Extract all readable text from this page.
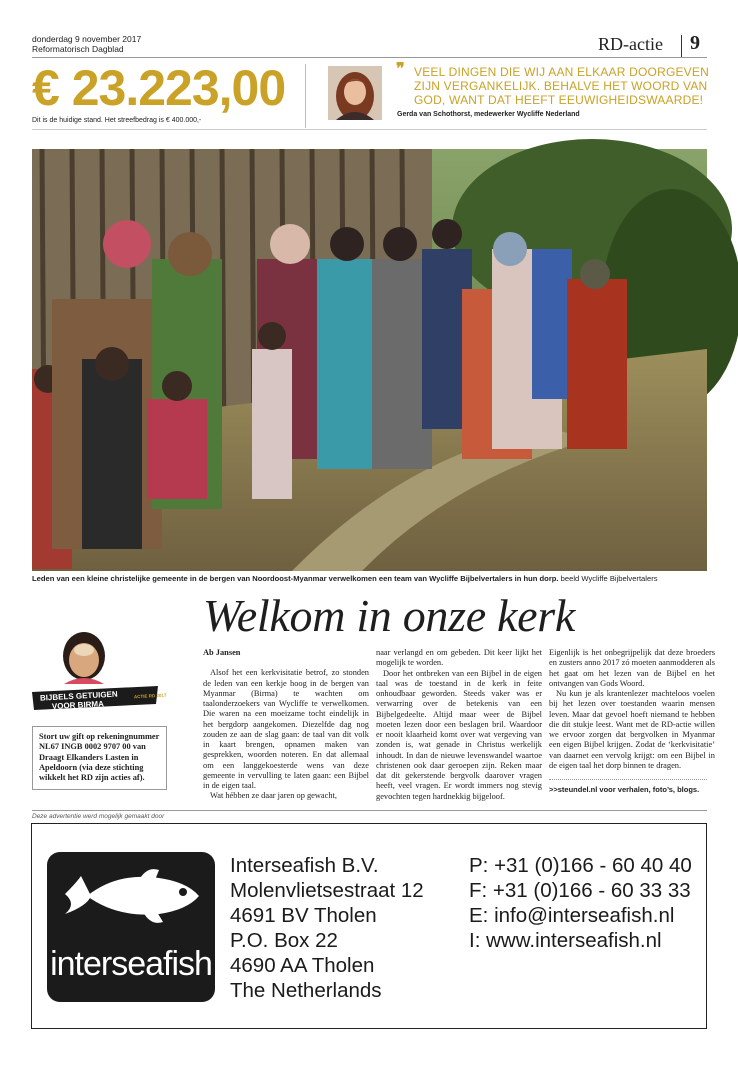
donderdag 9 november 2017
Reformatorisch Dagblad	RD-actie 9
€ 23.223,00
Dit is de huidige stand. Het streefbedrag is € 400.000,-
❞ VEEL DINGEN DIE WIJ AAN ELKAAR DOORGEVEN ZIJN VERGANKELIJK. BEHALVE HET WOORD VAN GOD, WANT DAT HEEFT EEUWIGHEIDSWAARDE!
Gerda van Schothorst, medewerker Wycliffe Nederland
Leden van een kleine christelijke gemeente in de bergen van Noordoost-Myanmar verwelkomen een team van Wycliffe Bijbelvertalers in hun dorp. beeld Wycliffe Bijbelvertalers
Welkom in onze kerk
BIJBELS GETUIGEN
VOOR BIRMA
ACTIE RD 2017
Stort uw gift op rekeningnummer NL67 INGB 0002 9707 00 van Draagt Elkanders Lasten in Apeldoorn (via deze stichting wikkelt het RD zijn acties af).

Ab Jansen

Alsof het een kerkvisitatie betrof, zo stonden de leden van een kerkje hoog in de bergen van Myanmar (Birma) te wachten om taalonderzoekers van Wycliffe te verwelkomen. Die waren na een moeizame tocht eindelijk in het bergdorp aangekomen. Diezelfde dag nog zouden ze aan de slag gaan: de taal van dit volk in kaart brengen, opnamen maken van gesprekken, woorden noteren. En dat allemaal om een langgekoesterde wens van deze gemeente in vervulling te laten gaan: een Bijbel in de eigen taal.

Wat hébben ze daar jaren op gewacht,

naar verlangd en om gebeden. Dit keer lijkt het mogelijk te worden.

Door het ontbreken van een Bijbel in de eigen taal was de toestand in de kerk in feite onhoudbaar geworden. Steeds vaker was er verwarring over de betekenis van een Bijbelgedeelte. Altijd maar weer de Bijbel moeten lezen door een beslagen bril. Waardoor er nooit klaarheid komt over wat vergeving van zonden is, wat genade in Christus werkelijk inhoudt. In dan de nieuwe levenswandel waartoe christenen ook daar geroepen zijn. Reken maar dat dit gekerstende bergvolk daarover vragen heeft, veel vragen. Er wordt immers nog stevig gevochten tegen hardnekkig bijgeloof.

Eigenlijk is het onbegrijpelijk dat deze broeders en zusters anno 2017 zó moeten aanmodderen als het gaat om het lezen van de Bijbel en het ontvangen van Gods Woord.

Nu kun je als krantenlezer machteloos voelen bij het lezen over toestanden waarin mensen leven. Maar dat gevoel hoeft niemand te hebben die dit stukje leest. Want met de RD-actie willen we ervoor zorgen dat bergvolken in Myanmar een eigen Bijbel krijgen. Zodat de ‘kerkvisitatie’ van daarnet een vervolg krijgt: om een Bijbel in de eigen taal het dorp binnen te dragen.

>>steundel.nl voor verhalen, foto’s, blogs.
Deze advertentie werd mogelijk gemaakt door
interseafish
Interseafish B.V.
Molenvlietsestraat 12
4691 BV Tholen
P.O. Box 22
4690 AA Tholen
The Netherlands
P: +31 (0)166 - 60 40 40
F: +31 (0)166 - 60 33 33
E: info@interseafish.nl
I: www.interseafish.nl
